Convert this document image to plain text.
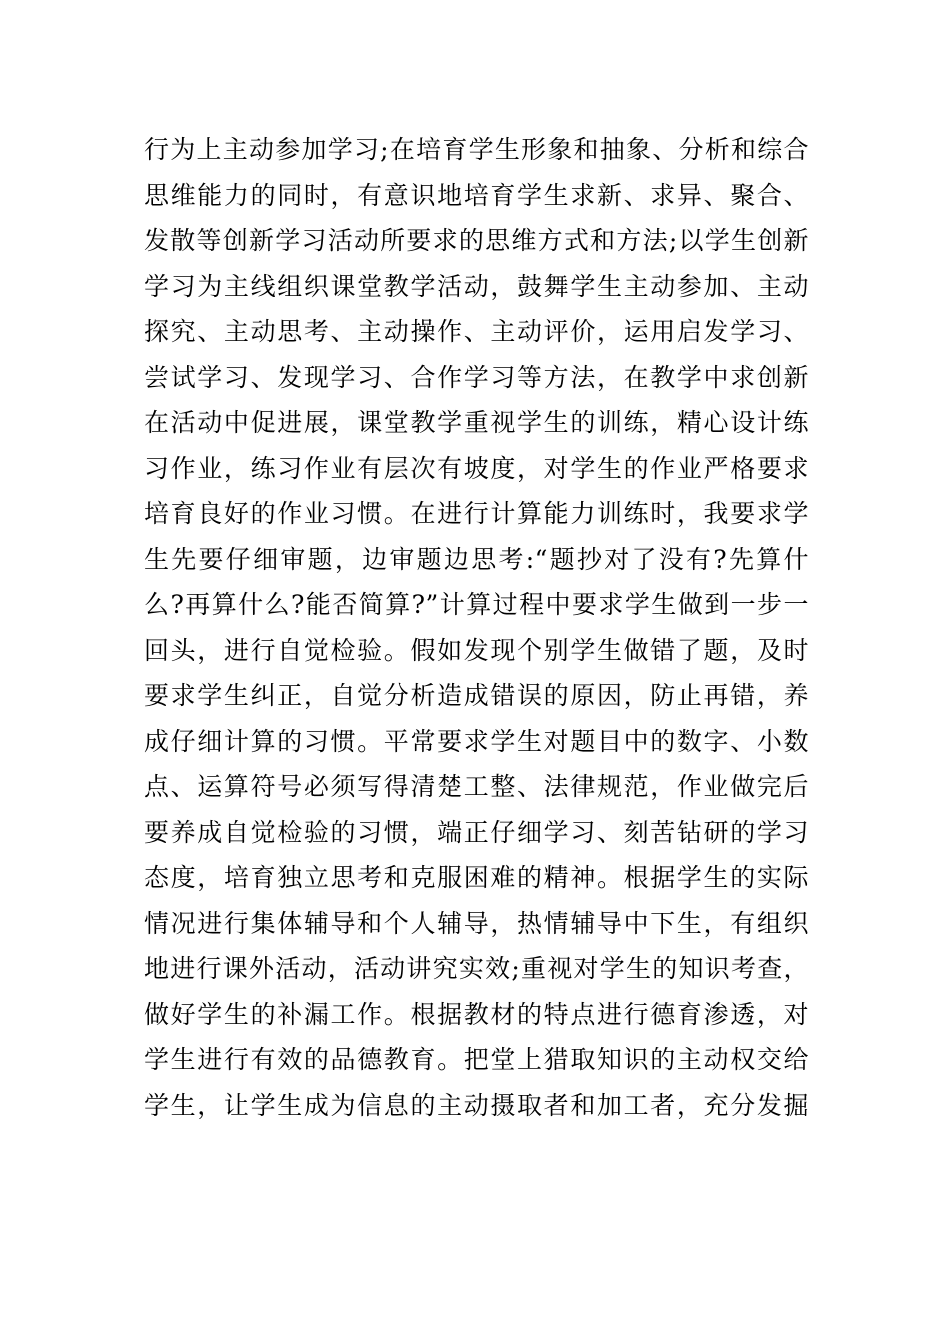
行为上主动参加学习;在培育学生形象和抽象、分析和综合
思维能力的同时，有意识地培育学生求新、求异、聚合、
发散等创新学习活动所要求的思维方式和方法;以学生创新
学习为主线组织课堂教学活动，鼓舞学生主动参加、主动
探究、主动思考、主动操作、主动评价，运用启发学习、
尝试学习、发现学习、合作学习等方法，在教学中求创新
在活动中促进展，课堂教学重视学生的训练，精心设计练
习作业，练习作业有层次有坡度，对学生的作业严格要求
培育良好的作业习惯。在进行计算能力训练时，我要求学
生先要仔细审题，边审题边思考:“题抄对了没有?先算什
么?再算什么?能否简算?”计算过程中要求学生做到一步一
回头，进行自觉检验。假如发现个别学生做错了题，及时
要求学生纠正，自觉分析造成错误的原因，防止再错，养
成仔细计算的习惯。平常要求学生对题目中的数字、小数
点、运算符号必须写得清楚工整、法律规范，作业做完后
要养成自觉检验的习惯，端正仔细学习、刻苦钻研的学习
态度，培育独立思考和克服困难的精神。根据学生的实际
情况进行集体辅导和个人辅导，热情辅导中下生，有组织
地进行课外活动，活动讲究实效;重视对学生的知识考查，
做好学生的补漏工作。根据教材的特点进行德育渗透，对
学生进行有效的品德教育。把堂上猎取知识的主动权交给
学生，让学生成为信息的主动摄取者和加工者，充分发掘
